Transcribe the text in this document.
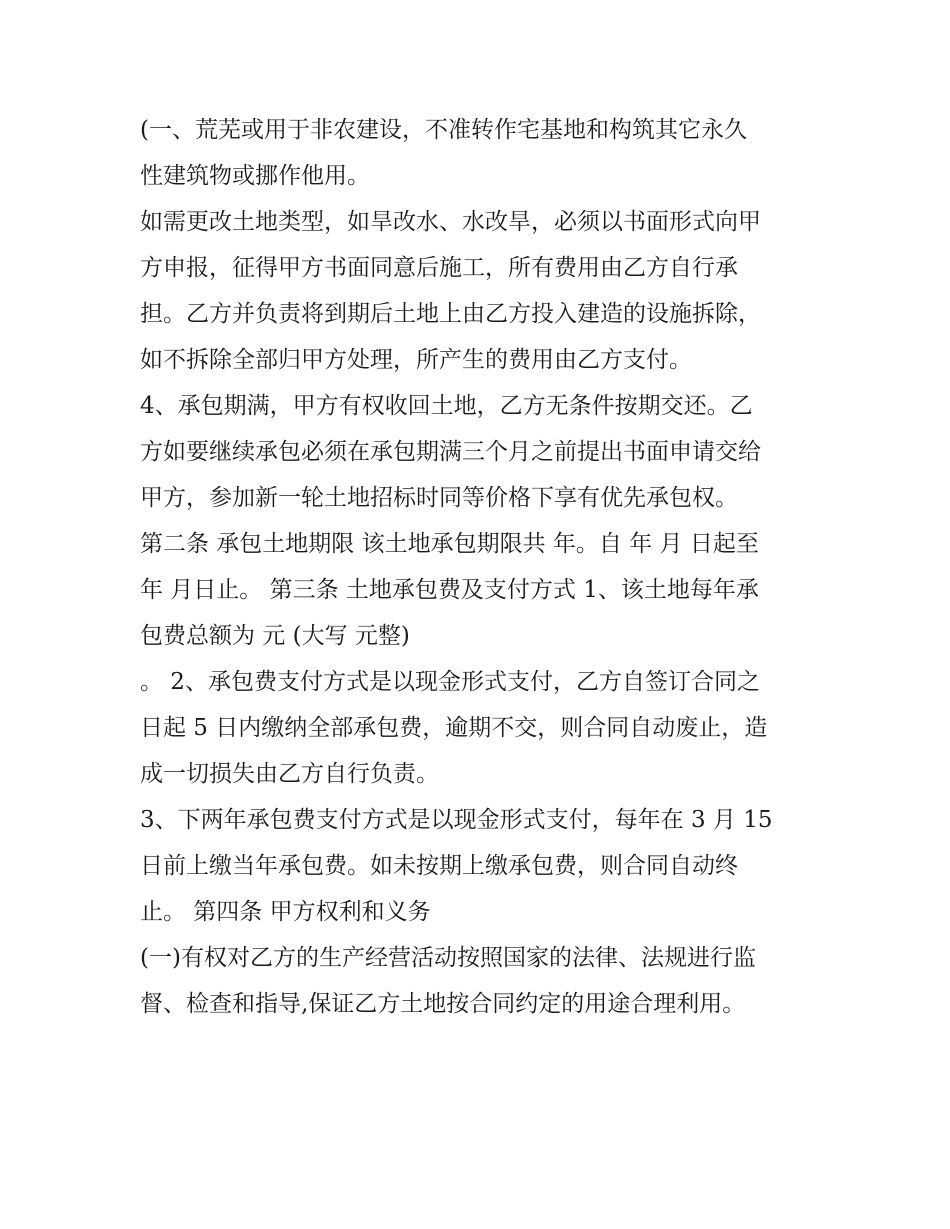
(一、荒芜或用于非农建设，不准转作宅基地和构筑其它永久
性建筑物或挪作他用。
如需更改土地类型，如旱改水、水改旱，必须以书面形式向甲
方申报，征得甲方书面同意后施工，所有费用由乙方自行承
担。乙方并负责将到期后土地上由乙方投入建造的设施拆除，
如不拆除全部归甲方处理，所产生的费用由乙方支付。
4、承包期满，甲方有权收回土地，乙方无条件按期交还。乙
方如要继续承包必须在承包期满三个月之前提出书面申请交给
甲方，参加新一轮土地招标时同等价格下享有优先承包权。
第二条 承包土地期限 该土地承包期限共 年。自 年 月 日起至
年 月日止。 第三条 土地承包费及支付方式 1、该土地每年承
包费总额为 元 (大写 元整)
。 2、承包费支付方式是以现金形式支付，乙方自签订合同之
日起 5 日内缴纳全部承包费，逾期不交，则合同自动废止，造
成一切损失由乙方自行负责。
3、下两年承包费支付方式是以现金形式支付，每年在 3 月 15
日前上缴当年承包费。如未按期上缴承包费，则合同自动终
止。 第四条 甲方权利和义务
(一)有权对乙方的生产经营活动按照国家的法律、法规进行监
督、检查和指导,保证乙方土地按合同约定的用途合理利用。
